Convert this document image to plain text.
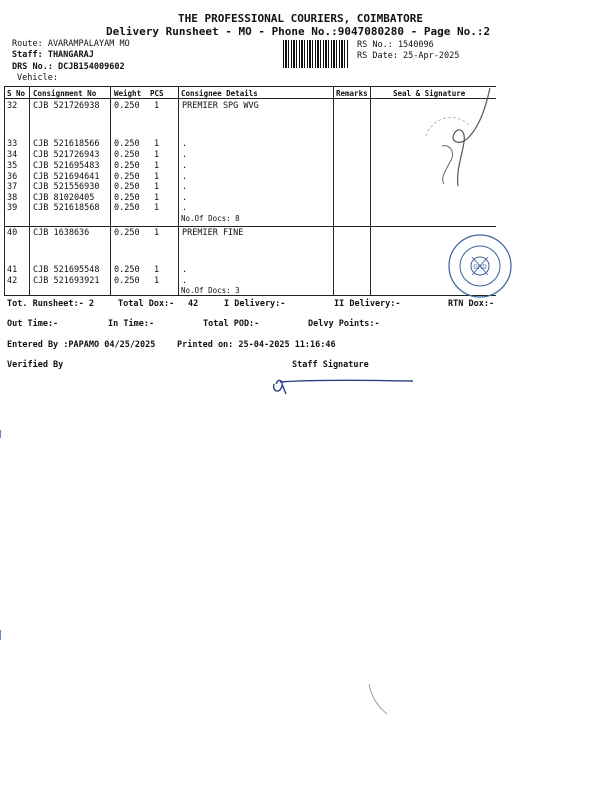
THE PROFESSIONAL COURIERS, COIMBATORE
Delivery Runsheet - MO - Phone No.:9047080280 - Page No.:2
Route: AVARAMPALAYAM MO
Staff: THANGARAJ
DRS No.: DCJB154009602
Vehicle:
RS No.: 1540096
RS Date: 25-Apr-2025
S No Consignment No Weight PCS Consignee Details	Remarks	Seal & Signature
32 CJB 521726938 0.250 1	PREMIER SPG WVG
33 CJB 521618566 0.250 1	.
34 CJB 521726943 0.250 1	.
35 CJB 521695483 0.250 1	.
36 CJB 521694641 0.250 1	.
37 CJB 521556930 0.250 1	.
38 CJB 81020405 0.250 1	.
39 CJB 521618568 0.250 1	.
No.Of Docs: 8
40 CJB 1638636	0.250 1	PREMIER FINE
41 CJB 521695548 0.250 1	.
42 CJB 521693921 0.250 1	.
No.Of Docs: 3
GRD
Tot. Runsheet:- 2	Total Dox:- 42	I Delivery:-	II Delivery:-	RTN Dox:-
Out Time:-	In Time:-	Total POD:-	Delvy Points:-
Entered By :PAPAMO 04/25/2025	Printed on: 25-04-2025 11:16:46
Verified By	Staff Signature
